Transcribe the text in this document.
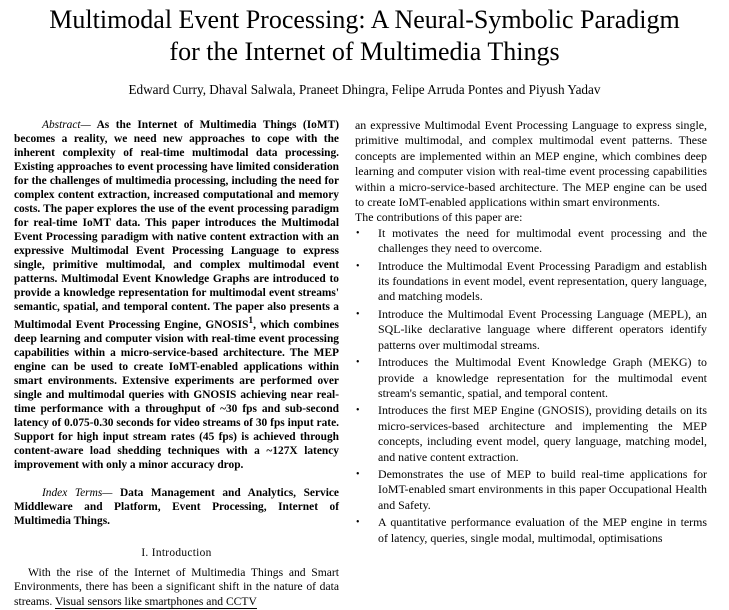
Multimodal Event Processing: A Neural-Symbolic Paradigm
for the Internet of Multimedia Things
Edward Curry, Dhaval Salwala, Praneet Dhingra, Felipe Arruda Pontes and Piyush Yadav

Abstract— As the Internet of Multimedia Things (IoMT) becomes a reality, we need new approaches to cope with the inherent complexity of real-time multimodal data processing. Existing approaches to event processing have limited consideration for the challenges of multimedia processing, including the need for complex content extraction, increased computational and memory costs. The paper explores the use of the event processing paradigm for real-time IoMT data. This paper introduces the Multimodal Event Processing paradigm with native content extraction with an expressive Multimodal Event Processing Language to express single, primitive multimodal, and complex multimodal event patterns. Multimodal Event Knowledge Graphs are introduced to provide a knowledge representation for multimodal event streams' semantic, spatial, and temporal content. The paper also presents a Multimodal Event Processing Engine, GNOSIS$^1$, which combines deep learning and computer vision with real-time event processing capabilities within a micro-service-based architecture. The MEP engine can be used to create IoMT-enabled applications within smart environments. Extensive experiments are performed over single and multimodal queries with GNOSIS achieving near real-time performance with a throughput of ~30 fps and sub-second latency of 0.075-0.30 seconds for video streams of 30 fps input rate. Support for high input stream rates (45 fps) is achieved through content-aware load shedding techniques with a ~127X latency improvement with only a minor accuracy drop.

Index Terms— Data Management and Analytics, Service Middleware and Platform, Event Processing, Internet of Multimedia Things.

I. Introduction

With the rise of the Internet of Multimedia Things and Smart Environments, there has been a significant shift in the nature of data streams. Visual sensors like smartphones and CCTV

an expressive Multimodal Event Processing Language to express single, primitive multimodal, and complex multimodal event patterns. These concepts are implemented within an MEP engine, which combines deep learning and computer vision with real-time event processing capabilities within a micro-service-based architecture. The MEP engine can be used to create IoMT-enabled applications within smart environments.

The contributions of this paper are:

• It motivates the need for multimodal event processing and the challenges they need to overcome.
• Introduce the Multimodal Event Processing Paradigm and establish its foundations in event model, event representation, query language, and matching models.
• Introduce the Multimodal Event Processing Language (MEPL), an SQL-like declarative language where different operators identify patterns over multimodal streams.
• Introduces the Multimodal Event Knowledge Graph (MEKG) to provide a knowledge representation for the multimodal event stream's semantic, spatial, and temporal content.
• Introduces the first MEP Engine (GNOSIS), providing details on its micro-services-based architecture and implementing the MEP concepts, including event model, query language, matching model, and native content extraction.
• Demonstrates the use of MEP to build real-time applications for IoMT-enabled smart environments in this paper Occupational Health and Safety.
• A quantitative performance evaluation of the MEP engine in terms of latency, queries, single modal, multimodal, optimisations
